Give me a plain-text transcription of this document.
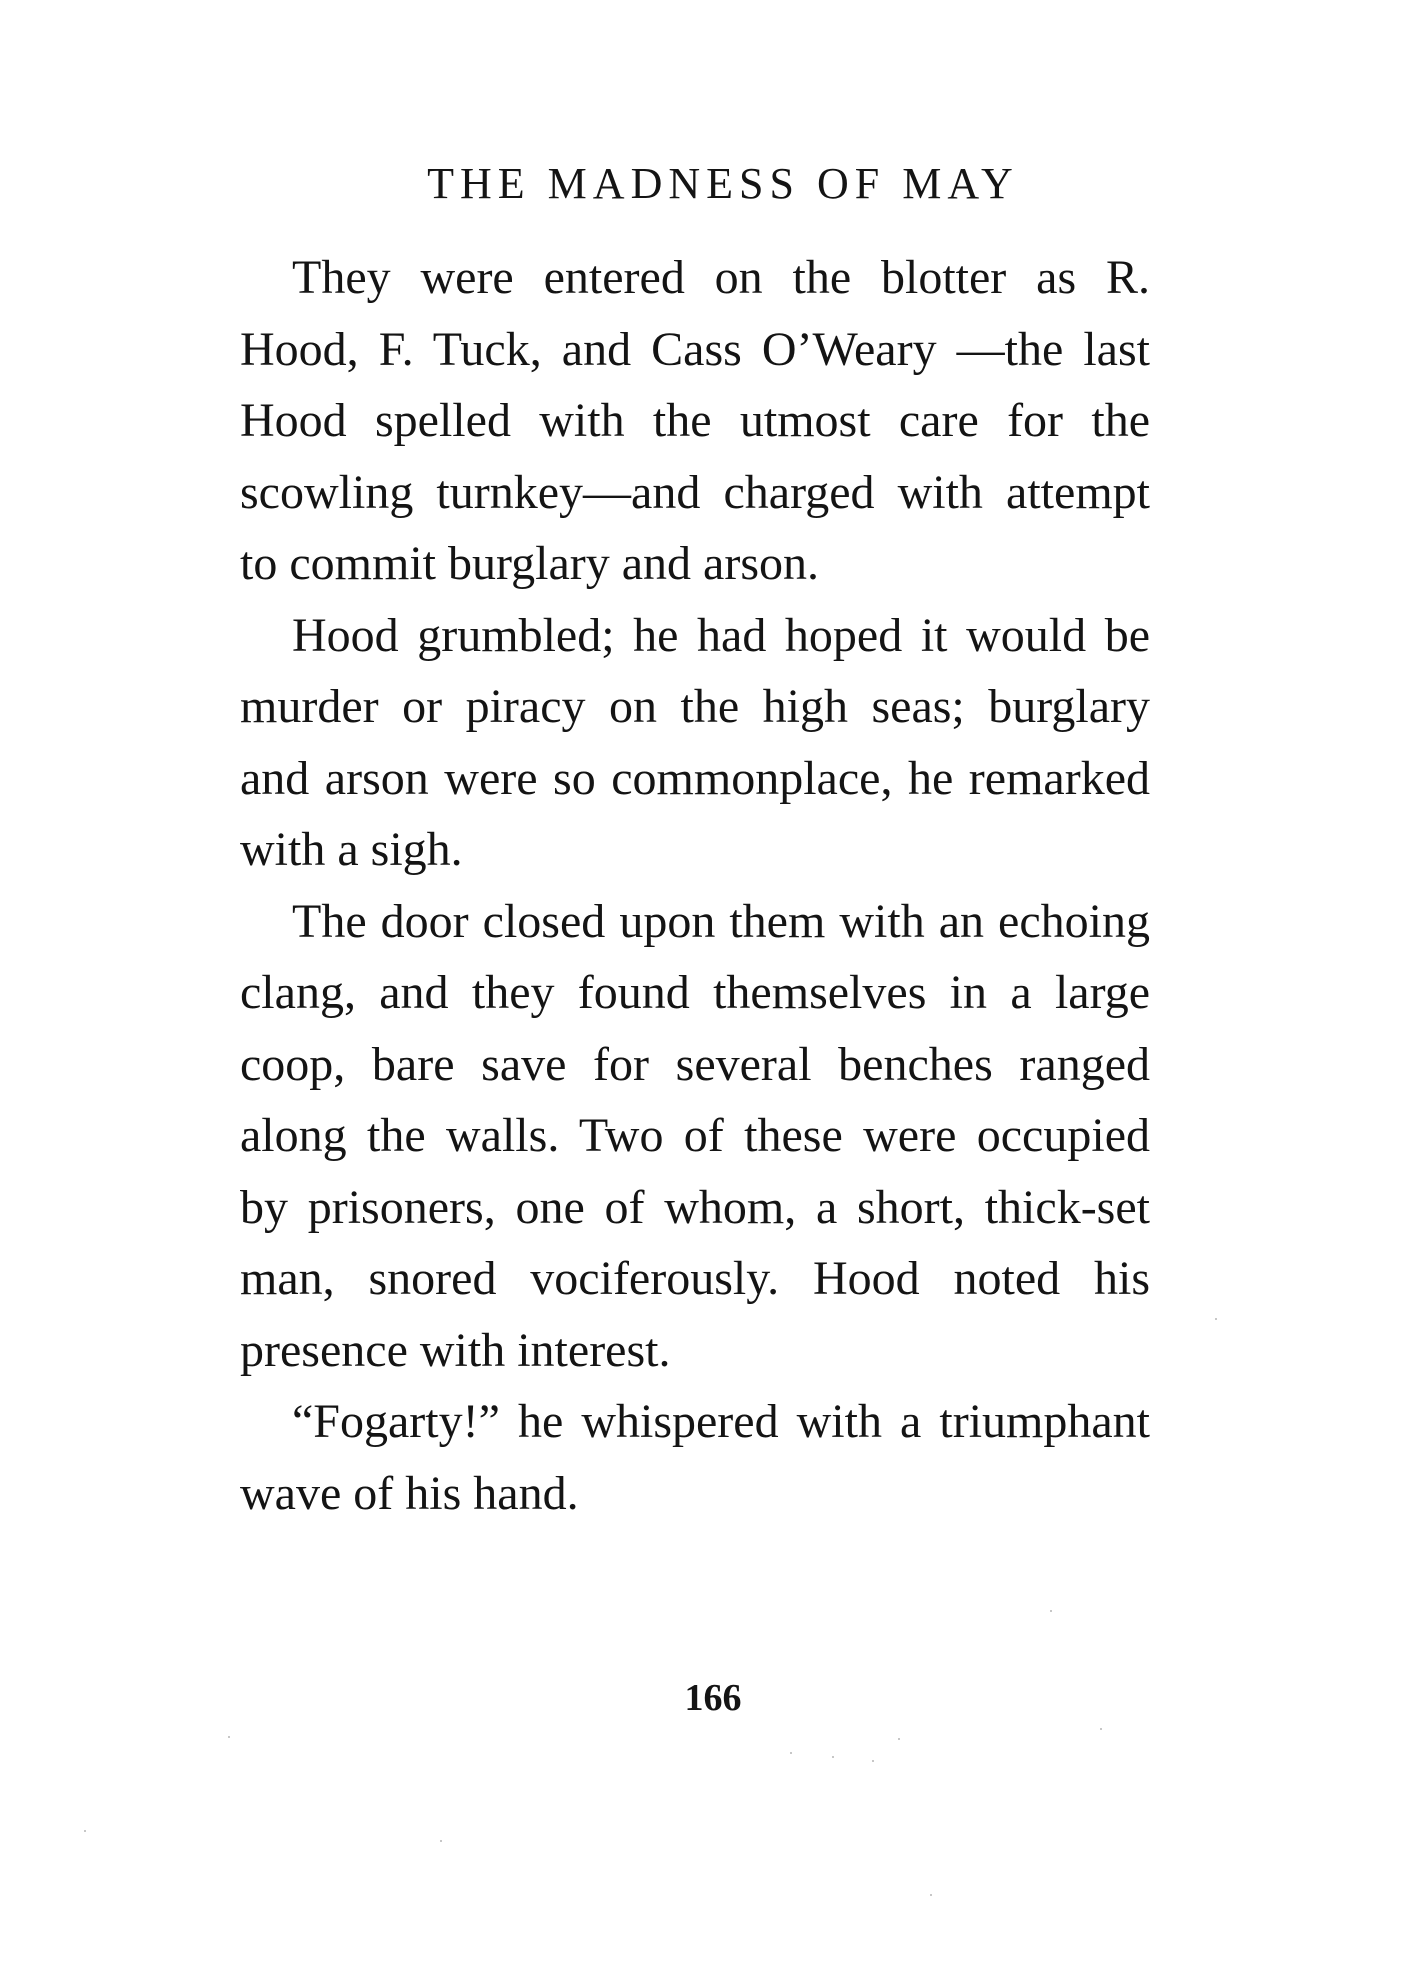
THE MADNESS OF MAY

They were entered on the blotter as R. Hood, F. Tuck, and Cass O’Weary —the last Hood spelled with the utmost care for the scowling turnkey—and charged with attempt to commit burglary and arson.

Hood grumbled; he had hoped it would be murder or piracy on the high seas; burglary and arson were so commonplace, he remarked with a sigh.

The door closed upon them with an echoing clang, and they found themselves in a large coop, bare save for several benches ranged along the walls. Two of these were occupied by prisoners, one of whom, a short, thick-set man, snored vociferously. Hood noted his presence with interest.

“Fogarty!” he whispered with a triumphant wave of his hand.

166
